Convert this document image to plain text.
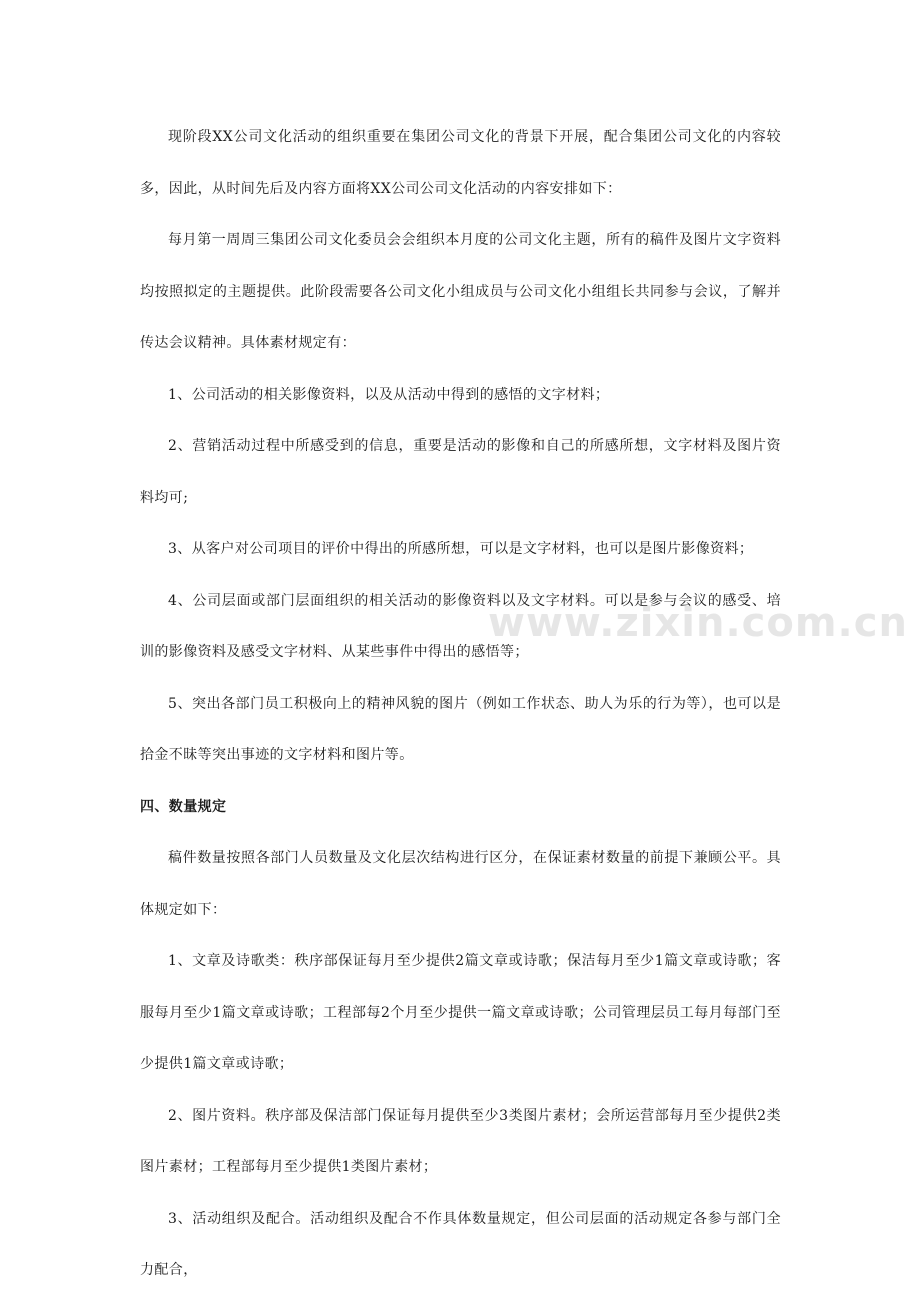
现阶段XX公司文化活动的组织重要在集团公司文化的背景下开展，配合集团公司文化的内容较多，因此，从时间先后及内容方面将XX公司公司文化活动的内容安排如下：

每月第一周周三集团公司文化委员会会组织本月度的公司文化主题，所有的稿件及图片文字资料均按照拟定的主题提供。此阶段需要各公司文化小组成员与公司文化小组组长共同参与会议，了解并传达会议精神。具体素材规定有：

1、公司活动的相关影像资料，以及从活动中得到的感悟的文字材料；

2、营销活动过程中所感受到的信息，重要是活动的影像和自己的所感所想，文字材料及图片资料均可;

3、从客户对公司项目的评价中得出的所感所想，可以是文字材料，也可以是图片影像资料；

4、公司层面或部门层面组织的相关活动的影像资料以及文字材料。可以是参与会议的感受、培训的影像资料及感受文字材料、从某些事件中得出的感悟等；

5、突出各部门员工积极向上的精神风貌的图片（例如工作状态、助人为乐的行为等），也可以是拾金不昧等突出事迹的文字材料和图片等。

四、数量规定

稿件数量按照各部门人员数量及文化层次结构进行区分，在保证素材数量的前提下兼顾公平。具体规定如下：

1、文章及诗歌类：秩序部保证每月至少提供2篇文章或诗歌；保洁每月至少1篇文章或诗歌；客服每月至少1篇文章或诗歌；工程部每2个月至少提供一篇文章或诗歌；公司管理层员工每月每部门至少提供1篇文章或诗歌；

2、图片资料。秩序部及保洁部门保证每月提供至少3类图片素材；会所运营部每月至少提供2类图片素材；工程部每月至少提供1类图片素材；

3、活动组织及配合。活动组织及配合不作具体数量规定，但公司层面的活动规定各参与部门全力配合，

www.zixin.com.cn
